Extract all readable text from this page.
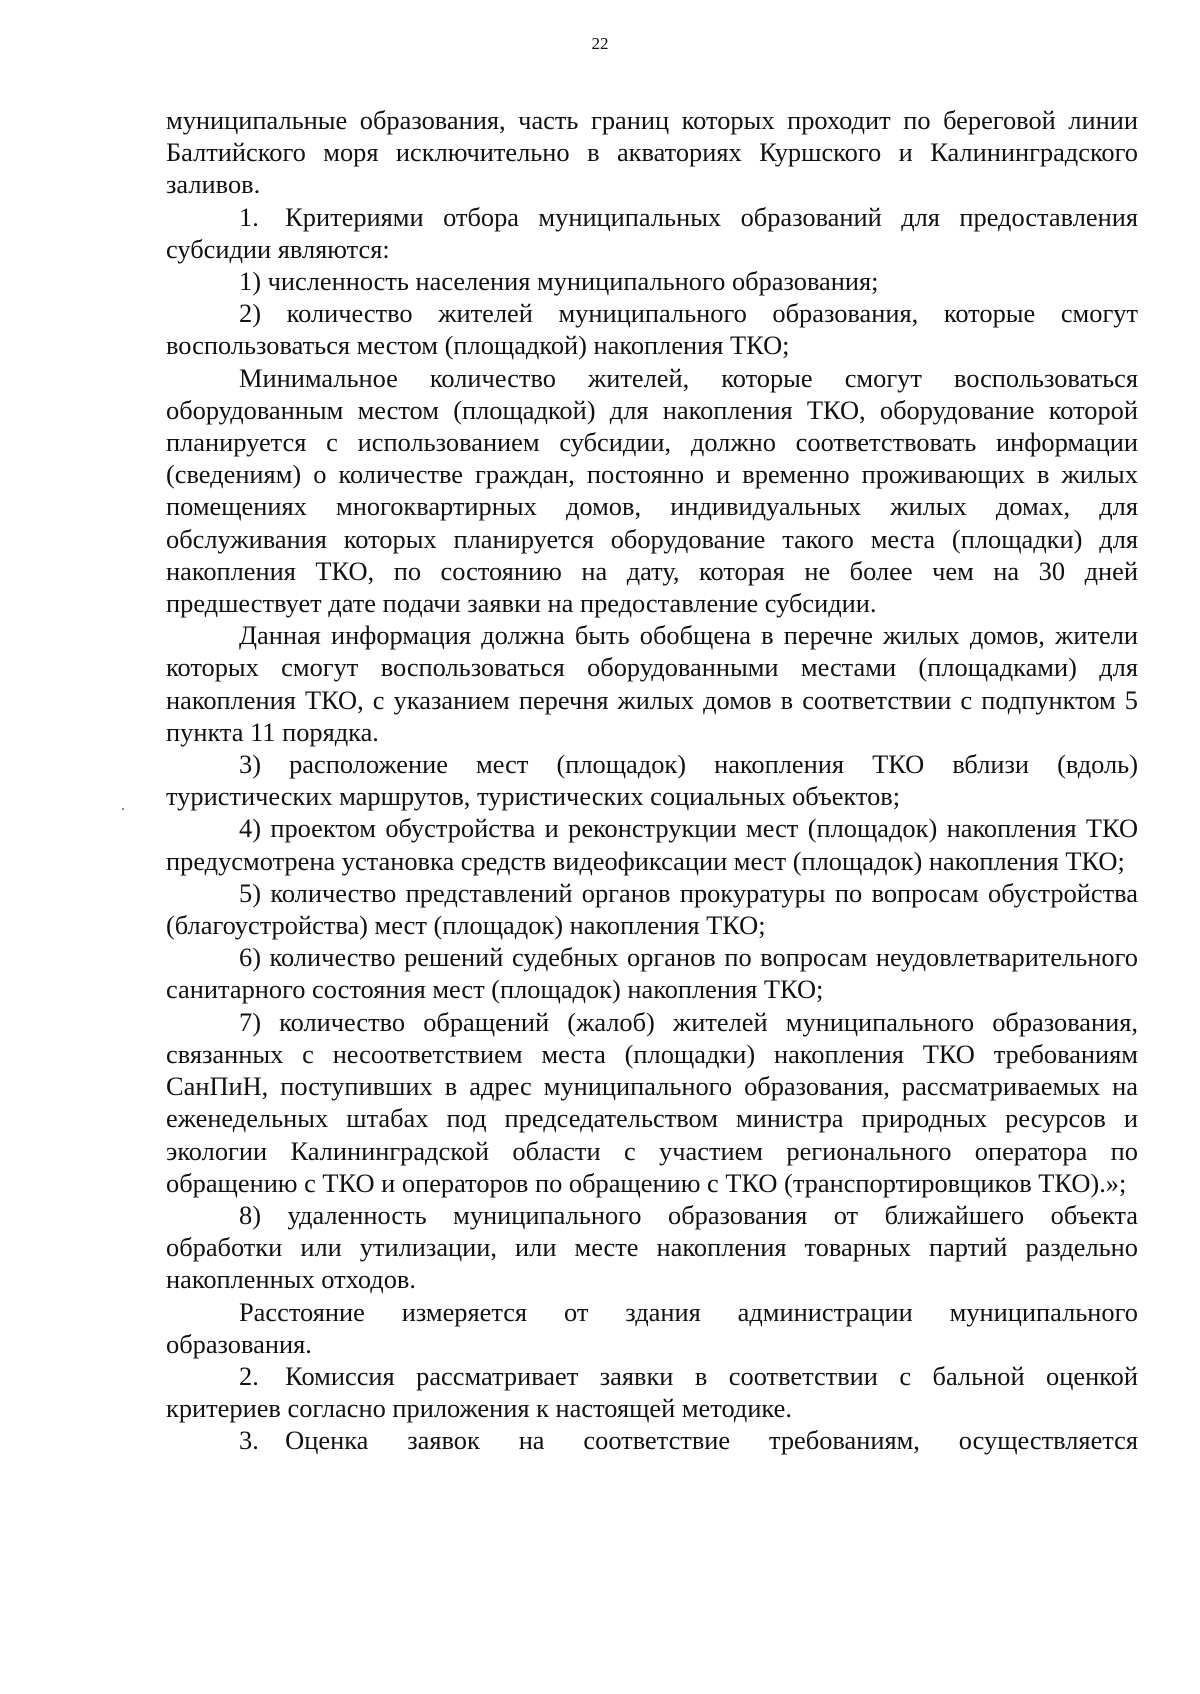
22

муниципальные образования, часть границ которых проходит по береговой линии Балтийского моря исключительно в акваториях Куршского и Калининградского заливов.

1. Критериями отбора муниципальных образований для предоставления субсидии являются:

1) численность населения муниципального образования;

2) количество жителей муниципального образования, которые смогут воспользоваться местом (площадкой) накопления ТКО;

Минимальное количество жителей, которые смогут воспользоваться оборудованным местом (площадкой) для накопления ТКО, оборудование которой планируется с использованием субсидии, должно соответствовать информации (сведениям) о количестве граждан, постоянно и временно проживающих в жилых помещениях многоквартирных домов, индивидуальных жилых домах, для обслуживания которых планируется оборудование такого места (площадки) для накопления ТКО, по состоянию на дату, которая не более чем на 30 дней предшествует дате подачи заявки на предоставление субсидии.

Данная информация должна быть обобщена в перечне жилых домов, жители которых смогут воспользоваться оборудованными местами (площадками) для накопления ТКО, с указанием перечня жилых домов в соответствии с подпунктом 5 пункта 11 порядка.

3) расположение мест (площадок) накопления ТКО вблизи (вдоль) туристических маршрутов, туристических социальных объектов;

4) проектом обустройства и реконструкции мест (площадок) накопления ТКО предусмотрена установка средств видеофиксации мест (площадок) накопления ТКО;

5) количество представлений органов прокуратуры по вопросам обустройства (благоустройства) мест (площадок) накопления ТКО;

6) количество решений судебных органов по вопросам неудовлетварительного санитарного состояния мест (площадок) накопления ТКО;

7) количество обращений (жалоб) жителей муниципального образования, связанных с несоответствием места (площадки) накопления ТКО требованиям СанПиН, поступивших в адрес муниципального образования, рассматриваемых на еженедельных штабах под председательством министра природных ресурсов и экологии Калининградской области с участием регионального оператора по обращению с ТКО и операторов по обращению с ТКО (транспортировщиков ТКО).»;

8) удаленность муниципального образования от ближайшего объекта обработки или утилизации, или месте накопления товарных партий раздельно накопленных отходов.

Расстояние измеряется от здания администрации муниципального образования.

2. Комиссия рассматривает заявки в соответствии с бальной оценкой критериев согласно приложения к настоящей методике.

3. Оценка заявок на соответствие требованиям, осуществляется
